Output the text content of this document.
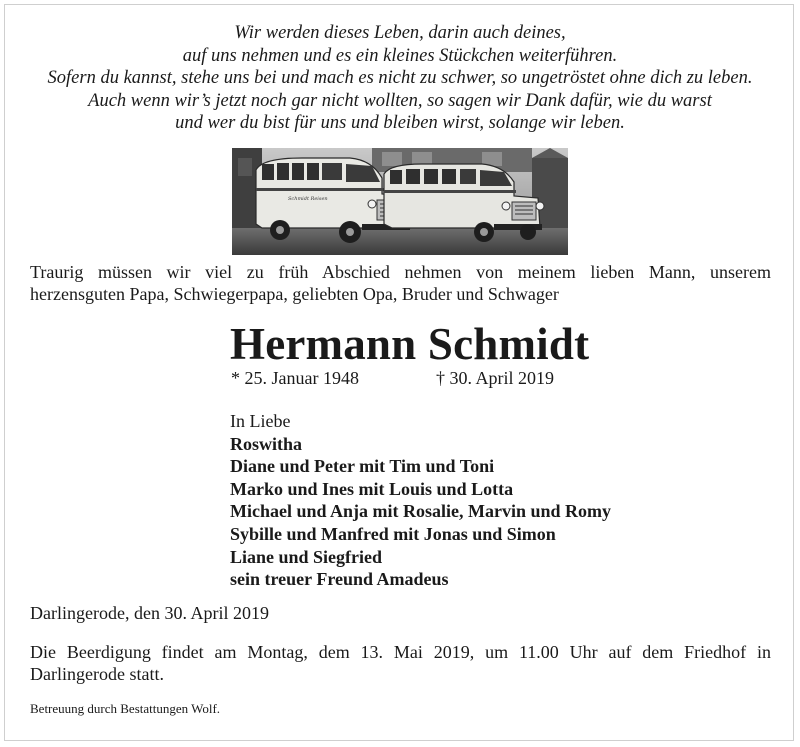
Wir werden dieses Leben, darin auch deines,
auf uns nehmen und es ein kleines Stückchen weiterführen.
Sofern du kannst, stehe uns bei und mach es nicht zu schwer, so ungetröstet ohne dich zu leben.
Auch wenn wir’s jetzt noch gar nicht wollten, so sagen wir Dank dafür, wie du warst
und wer du bist für uns und bleiben wirst, solange wir leben.
Schmidt Reisen
Traurig müssen wir viel zu früh Abschied nehmen von meinem lieben Mann, unserem
herzensguten Papa, Schwiegerpapa, geliebten Opa, Bruder und Schwager
Hermann Schmidt
* 25. Januar 1948	† 30. April 2019
In Liebe
Roswitha
Diane und Peter mit Tim und Toni
Marko und Ines mit Louis und Lotta
Michael und Anja mit Rosalie, Marvin und Romy
Sybille und Manfred mit Jonas und Simon
Liane und Siegfried
sein treuer Freund Amadeus
Darlingerode, den 30. April 2019
Die Beerdigung findet am Montag, dem 13. Mai 2019, um 11.00 Uhr auf dem Friedhof in
Darlingerode statt.
Betreuung durch Bestattungen Wolf.
